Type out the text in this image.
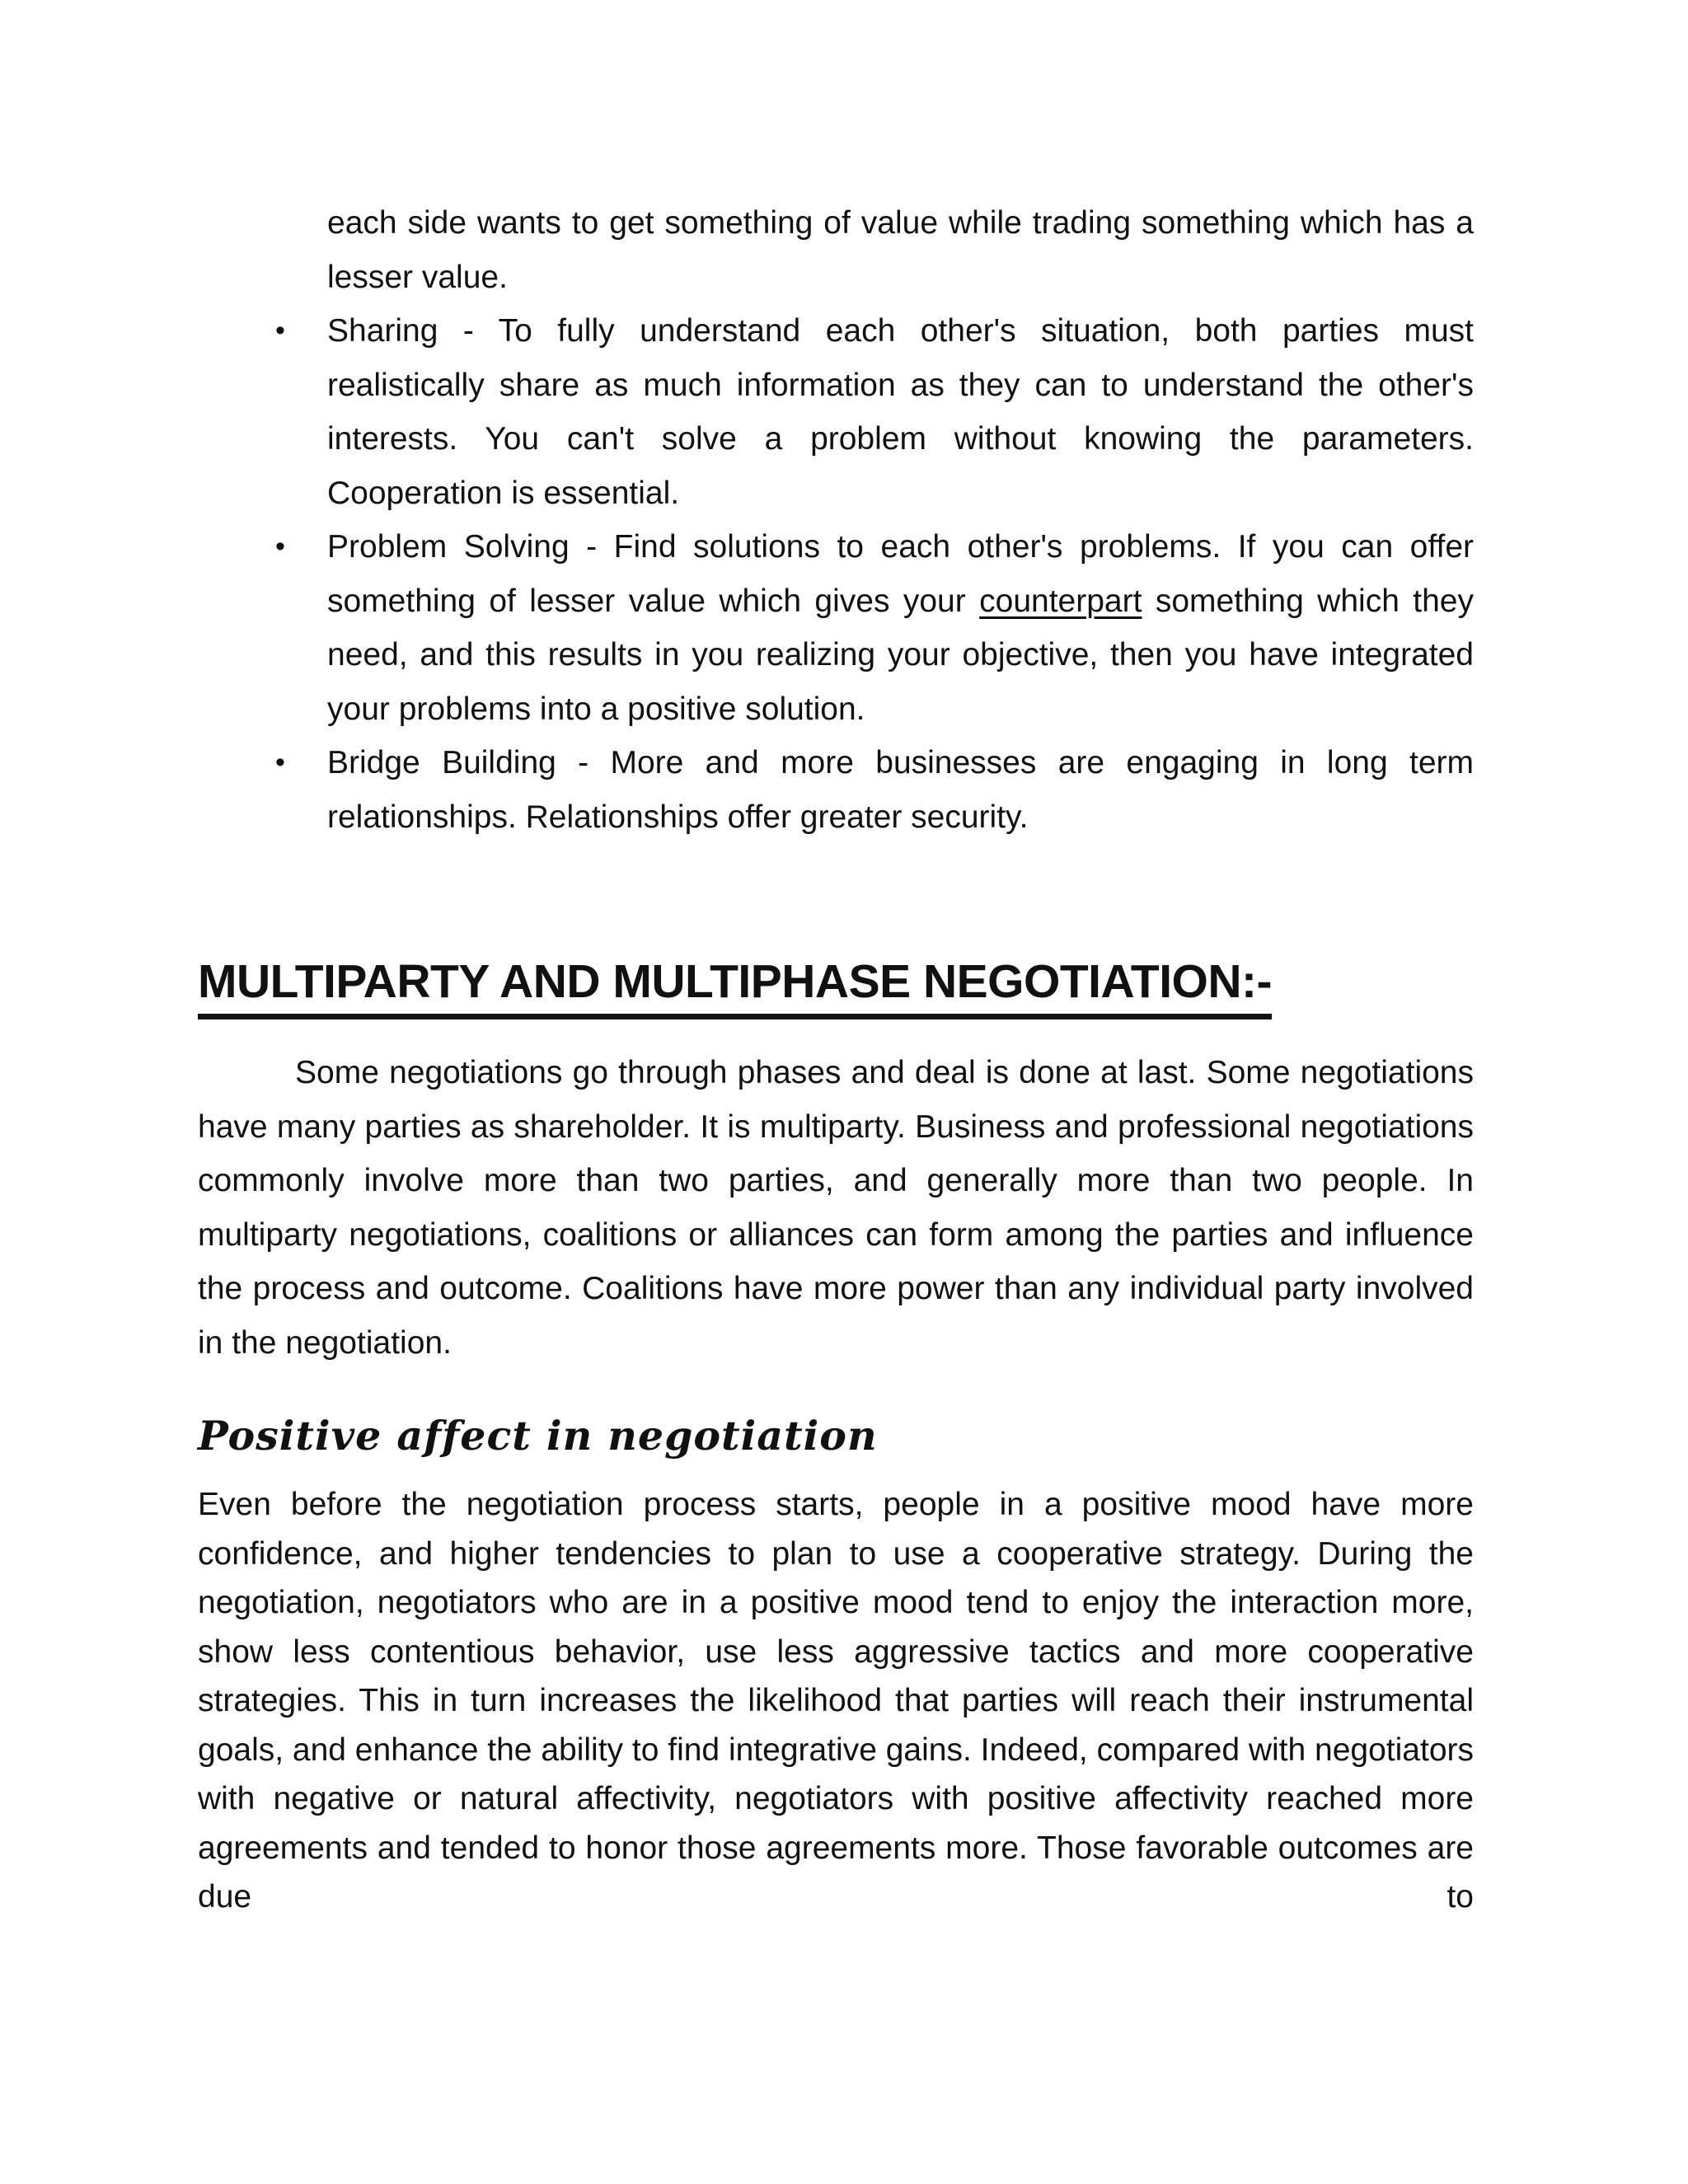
each side wants to get something of value while trading something which has a lesser value.
• Sharing - To fully understand each other's situation, both parties must realistically share as much information as they can to understand the other's interests. You can't solve a problem without knowing the parameters. Cooperation is essential.
• Problem Solving - Find solutions to each other's problems. If you can offer something of lesser value which gives your counterpart something which they need, and this results in you realizing your objective, then you have integrated your problems into a positive solution.
• Bridge Building - More and more businesses are engaging in long term relationships. Relationships offer greater security.
MULTIPARTY AND MULTIPHASE NEGOTIATION:-

Some negotiations go through phases and deal is done at last. Some negotiations have many parties as shareholder. It is multiparty. Business and professional negotiations commonly involve more than two parties, and generally more than two people. In multiparty negotiations, coalitions or alliances can form among the parties and influence the process and outcome. Coalitions have more power than any individual party involved in the negotiation.

Positive affect in negotiation

Even before the negotiation process starts, people in a positive mood have more confidence, and higher tendencies to plan to use a cooperative strategy. During the negotiation, negotiators who are in a positive mood tend to enjoy the interaction more, show less contentious behavior, use less aggressive tactics and more cooperative strategies. This in turn increases the likelihood that parties will reach their instrumental goals, and enhance the ability to find integrative gains. Indeed, compared with negotiators with negative or natural affectivity, negotiators with positive affectivity reached more agreements and tended to honor those agreements more. Those favorable outcomes are due to
